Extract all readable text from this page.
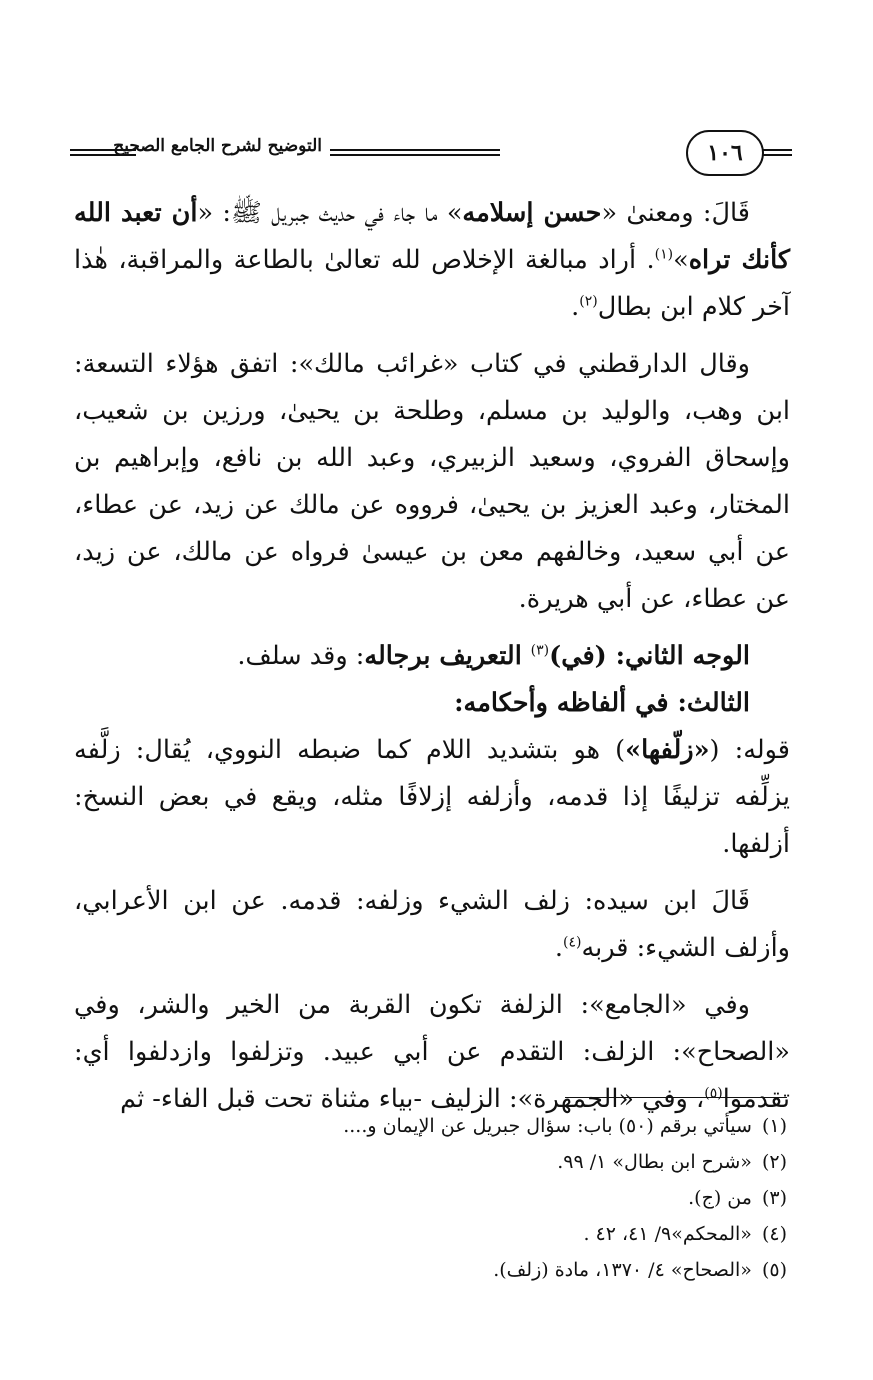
١٠٦
التوضيح لشرح الجامع الصحيح

قَالَ: ومعنىٰ «حسن إسلامه» ما جاء في حديث جبريل ﷺ: «أن تعبد الله كأنك تراه»$^{(١)}$. أراد مبالغة الإخلاص لله تعالىٰ بالطاعة والمراقبة، هٰذا آخر كلام ابن بطال$^{(٢)}$.

وقال الدارقطني في كتاب «غرائب مالك»: اتفق هؤلاء التسعة: ابن وهب، والوليد بن مسلم، وطلحة بن يحيىٰ، ورزين بن شعيب، وإسحاق الفروي، وسعيد الزبيري، وعبد الله بن نافع، وإبراهيم بن المختار، وعبد العزيز بن يحيىٰ، فرووه عن مالك عن زيد، عن عطاء، عن أبي سعيد، وخالفهم معن بن عيسىٰ فرواه عن مالك، عن زيد، عن عطاء، عن أبي هريرة.

الوجه الثاني: (في)$^{(٣)}$ التعريف برجاله: وقد سلف.

الثالث: في ألفاظه وأحكامه:

قوله: («زلّفها») هو بتشديد اللام كما ضبطه النووي، يُقال: زلَّفه يزلِّفه تزليفًا إذا قدمه، وأزلفه إزلافًا مثله، ويقع في بعض النسخ: أزلفها.

قَالَ ابن سيده: زلف الشيء وزلفه: قدمه. عن ابن الأعرابي، وأزلف الشيء: قربه$^{(٤)}$.

وفي «الجامع»: الزلفة تكون القربة من الخير والشر، وفي «الصحاح»: الزلف: التقدم عن أبي عبيد. وتزلفوا وازدلفوا أي: تقدموا$^{(٥)}$، وفي «الجمهرة»: الزليف -بياء مثناة تحت قبل الفاء- ثم

(١)سيأتي برقم (٥٠) باب: سؤال جبريل عن الإيمان و....
(٢)«شرح ابن بطال» ١/ ٩٩.
(٣)من (ج).
(٤)«المحكم»٩/ ٤١، ٤٢ .
(٥)«الصحاح» ٤/ ١٣٧٠، مادة (زلف).
